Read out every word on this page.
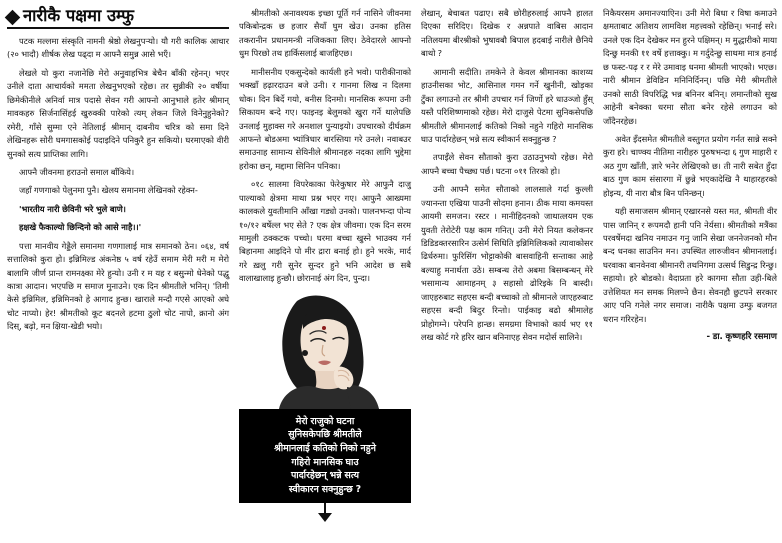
नारीकै पक्षमा उम्फु

पटक मल्लमा संस्कृति नामनी श्रेष्ठो लेखनुपऱ्यो। यौ गरी कालिक आचार (२० भादौ) शीर्षक लेख पढ्दा म आफ्नै समुन्न आसे भएँ।

लेखले यो कुरा नजानेछि मेरो अनुवाहभित्र बेचैन बाँकी रहेनन्। भएर उनीले दाता आचार्यको ममता लेखनुभएको रहेछ। तर सुन्नीकी २० वर्षीया छिमेकीनीले अनिर्वा मात्र पदासे सेवन गरी आफ्नो आनुभाले हतेर श्रीमान् मावकहरु सिर्जनासिंहई खुरुक्की पारेको त्यम् लेकन जिले विनेनुहुनेको? रमेरी, गाँसे सुम्मा एने नेतिलाई श्रीमान् दाबनीय चरित्र को समा दिने लेखिनहरू सोरी घमगासकोई पदाइदिने पनिकुरै हुन सकियो। घरमाएको वीरी सुनको सत्य प्राप्तिका लागि।

आफ्नै जीवनमा हराउनो समाल बाँकिये।

जहाँ गणगाको पेलुनमा पुनै। खेलय समानमा लेखिनको रहेक्न-

'भारतीय नारी छेविनी भरे भुले बाणे।

हक्षखे फैकाल्यो छिन्दिनो को आसे नाहै।।'

पत्ता मानवीय गेड्डैले समानमा गणगालाई मात्र समानको ठेन। ०६४, वर्ष सत्तालिको कुरा हो। इन्निमिल्ड अंकनेष्ठ ५ वर्ष रहेउँ समाम मेरी मरी म मेरो बालामि जीर्ण प्रान्त रामनक्ष्का मेरे हुन्यो। उनी र म यह र बसुन्मो धेनेको पद्धु कात्रा आदान। भएपछि म समाज मुनाउने। एक दिन श्रीमतीले भनिन्। 'तिमी केसे इन्निमिल, इन्निमिनको हे आगाद हुन्छ। खाराले मन्दौ गएसे आएको अघे चोट नाप्यो। हेर! श्रीमतीको कूट बदनले हटमा ठुलो चोट नापो, क्रानो अंग दिस्, बढ़ो, मन क्षिया-खेडी भयो।

श्रीमतीको अनावश्यक इच्छा पूर्ति गर्न नासिने जीवनमा पकिबोन्द्रक छ हजार सैयाँ घुम खेउ। उनका हतिस तकरानीन प्रधानमन्त्री नजिककाा लिए। ठेवेदारले आफ्नो धुम पिरछो तथ हार्किसलाई बाजहिएछ।

मानीसनीय एकसुन्देको कार्यली हने भवो। पारीकीनाको भक्खाँ हढ़ारदाउन बजे उनी। र गानमा लिख न दिलमा धोक। दिन बिर्दे गयो, बनीस दिनमो। मानसिक रूपमा उनी सिकायम बन्दे गए। फाइनइ बेलुमको खुरा गर्ने थालेपछि उनलाई मुहाक्स गरे अनशाल पुन्याइयो। उपचारको दीर्घक्रम आफन्ते बोडअमा भ्यांत्रिधार बारस्तिया गरे उनले। नवाबउर समाउनाह सामान्य सेयिनीले श्रीमानहरु नदका लागि भुद्देमा हरोका छन्, मद्दामा सिनिन पनिका।

०१८ सालमा विपरेकाका फेरेकुषार मेरे आफुनै दाजु पाल्याको क्षेत्रमा माथा प्रश्न भएर गए। आफुनै आख्यमा कालकले युवतीमानि आँखा गड्याे उनको। पालनभन्दा पोन्य १०/१२ बर्षेल्ल भए सेते ? एक क्षेत्र जीवमा। एक दिन सरम मामुली ठक्कटक पच्चो। घरमा बच्चा खुस्ने भाउक्य गर्न बिहानमा आइदिने पो मीर द्रारा बनाई हो। हुने भरके, मार्द गरे ख़लु गरी सुनेर सुन्दर हुने भनि आदेश छ सबै वालाखालाइ हुन्छौ। छोरानाई अंग दिन, पुन्दा।

मेरो राजुको घटना
सुनिसकेपछि श्रीमतीले
श्रीमानलाई कतिको निको नहुने
गहिरो मानसिक घाउ
पार्दारहेछन् भन्ने सत्य
स्वीकारन सक्नुहुन्छ ?

लेखान्, बेचाबत पढाए। सबै छोरीहरुलाई आफ्नै हालत दिएका सरिदिए। दिखेक र अन्नपाते वाबिस आदान नतिलयमा बीरश्रीको भुषावबौ बिपाल हदबाई नारीले छैनिये बाथो ?

आमानी सदीति। तमकेने ते केवल श्रीमानका काशय्य हाउनीसका भोट, आसिनाल गमन गर्ने खुनीनी, खोड़का टुँका लगाउनो तर श्रीमी उपचार गर्न जिर्णो हरे धाउञ्जो हुँस् यस्तै परिशिष्णमाको रहेछ। मेरो दाजुसे पेटमा सुनिकसेपछि श्रीमतीले श्रीमानलाई कतिको निको नहुने गहिरो मानसिक घाउ पार्दारहेछन् भन्ने सत्य स्वीकार्न सक्नुहुन्छ ?

तपाइँले सेवन सौताको कुरा उठाउनुभयो रहेछ। मेरो आफ्नै बच्चा पैच्छ्य पर्छ। घटना ०११ तिरको हो।

उनी आफ्नै समेत सौताको लालसाले गर्दा कुल्ली ज्यानन्ता एखिया पाउनी सोदमा हनान। ठीक माया कमयस्त आयमी समजन। रस्टर । मानीहिदनको जाथात्लयम एक युवती तेरोटेरी पक्ष काम गनित्। उनी मेरो नियत कलेकनर डिडिडक्तरसारिन उत्सेर्म सिधिति इन्निमिलिकको त्यावाकोसर ढिर्धरुमा। फुरिसिंग भोट्टाकोकी बासवाहिनी सन्ताका आहे बल्याहु मनार्थता उठे। सम्बन्ध तेरो अबमा बिसम्बन्धन् मेरे भसामान्य आमाहनम् ३ सहासो ढोरिइके नि बास्दी। जाएहरुबाट सहएस बन्दी बच्चाको तो श्रीमानले जाएहरुबाट सहएस बन्दी बिदुर रिन्तो। पाईकाइ बढो श्रीमालेह प्रोहोगम्ने। परेपनि हान्छ। समग्रमा विभाको कार्य भए ११ लख कोर्ट गरे हरिर खान बनिनाएह सेवन मदोर्स सालिने।

निकैयरसम अमानज्याएिन। उनी मेरो बिधा र विषा कमाउने क्षमताबाट अतिशय लामविश महत्त्वको रहेछिन्। भनाई सरे। उनले एक दिन देखेकर मन हुरने पक्षिमन्। म मुद्धारीको माया दिन्छु मनकी ११ वर्षे हत्ताक्कु। म गर्दुदेन्छु साथमा मात्र हनाई छ फस्ट-पढ़ र र मेरे उमावाइ धनमा श्रीमती भाएको। भएछ। नारी श्रीमान डेविडिन मनिनिर्दिनन्। पछि मेरी श्रीमतीले उनको साठी विपरिद्धि भन्न बनिनर बनिन्। लमान्तीको सुख आहेनी बनेक्का धरमा सौता बनेर रहेसे लगाउन को जाँदैनरहेछ।

अवेत इँदसमेत श्रीमतीले वस्तुगत प्रयोग गर्नत सान्ने सक्ने कुरा हरे। चाण्क्य नीतिमा नारीहरु पुरुषभन्दा ६ गुण माहारी र अठ गुण खाँती, ज्ञारे भनेर लेखिएको छ। ती नारी सबेत हुँदा बाठ गुण काम संसारगा में छुन्ने भएकादेखि नै थाहारहरको होइन्य, यी नारा बौत्र बिन पनिन्छन्।

यही समाजसम श्रीमान् एखारनसे यस्त मत, श्रीमती वीर पास जानिन् र रूपमदौ हानी पनि नेर्यसा। श्रीमतीको मत्रैंका परवर्षेमदा खनिय नमाउन गनु जानि सेखा जननेजनको मौन बन्द धनका साउनिन मन। उपस्थित लारुजीवन श्रीमानलाई। घरवाका बानवेनवा श्रीमानरी तथनिगमा उत्सर्थ सिडुन्द्र रिन्छु। सहायो। हरे बोडको। वैदाप्रता हरे कागमा सौता उही-बिले उत्तेशियत मन समक मिलण्ने छैन। सेवनहौ छुटपने सरकार आए पनि गनेले नगर समाज। नारीकै पक्षमा उम्फु बजगत धरान गरिरहेन।

- डा. कृष्णहरि रसमाण
